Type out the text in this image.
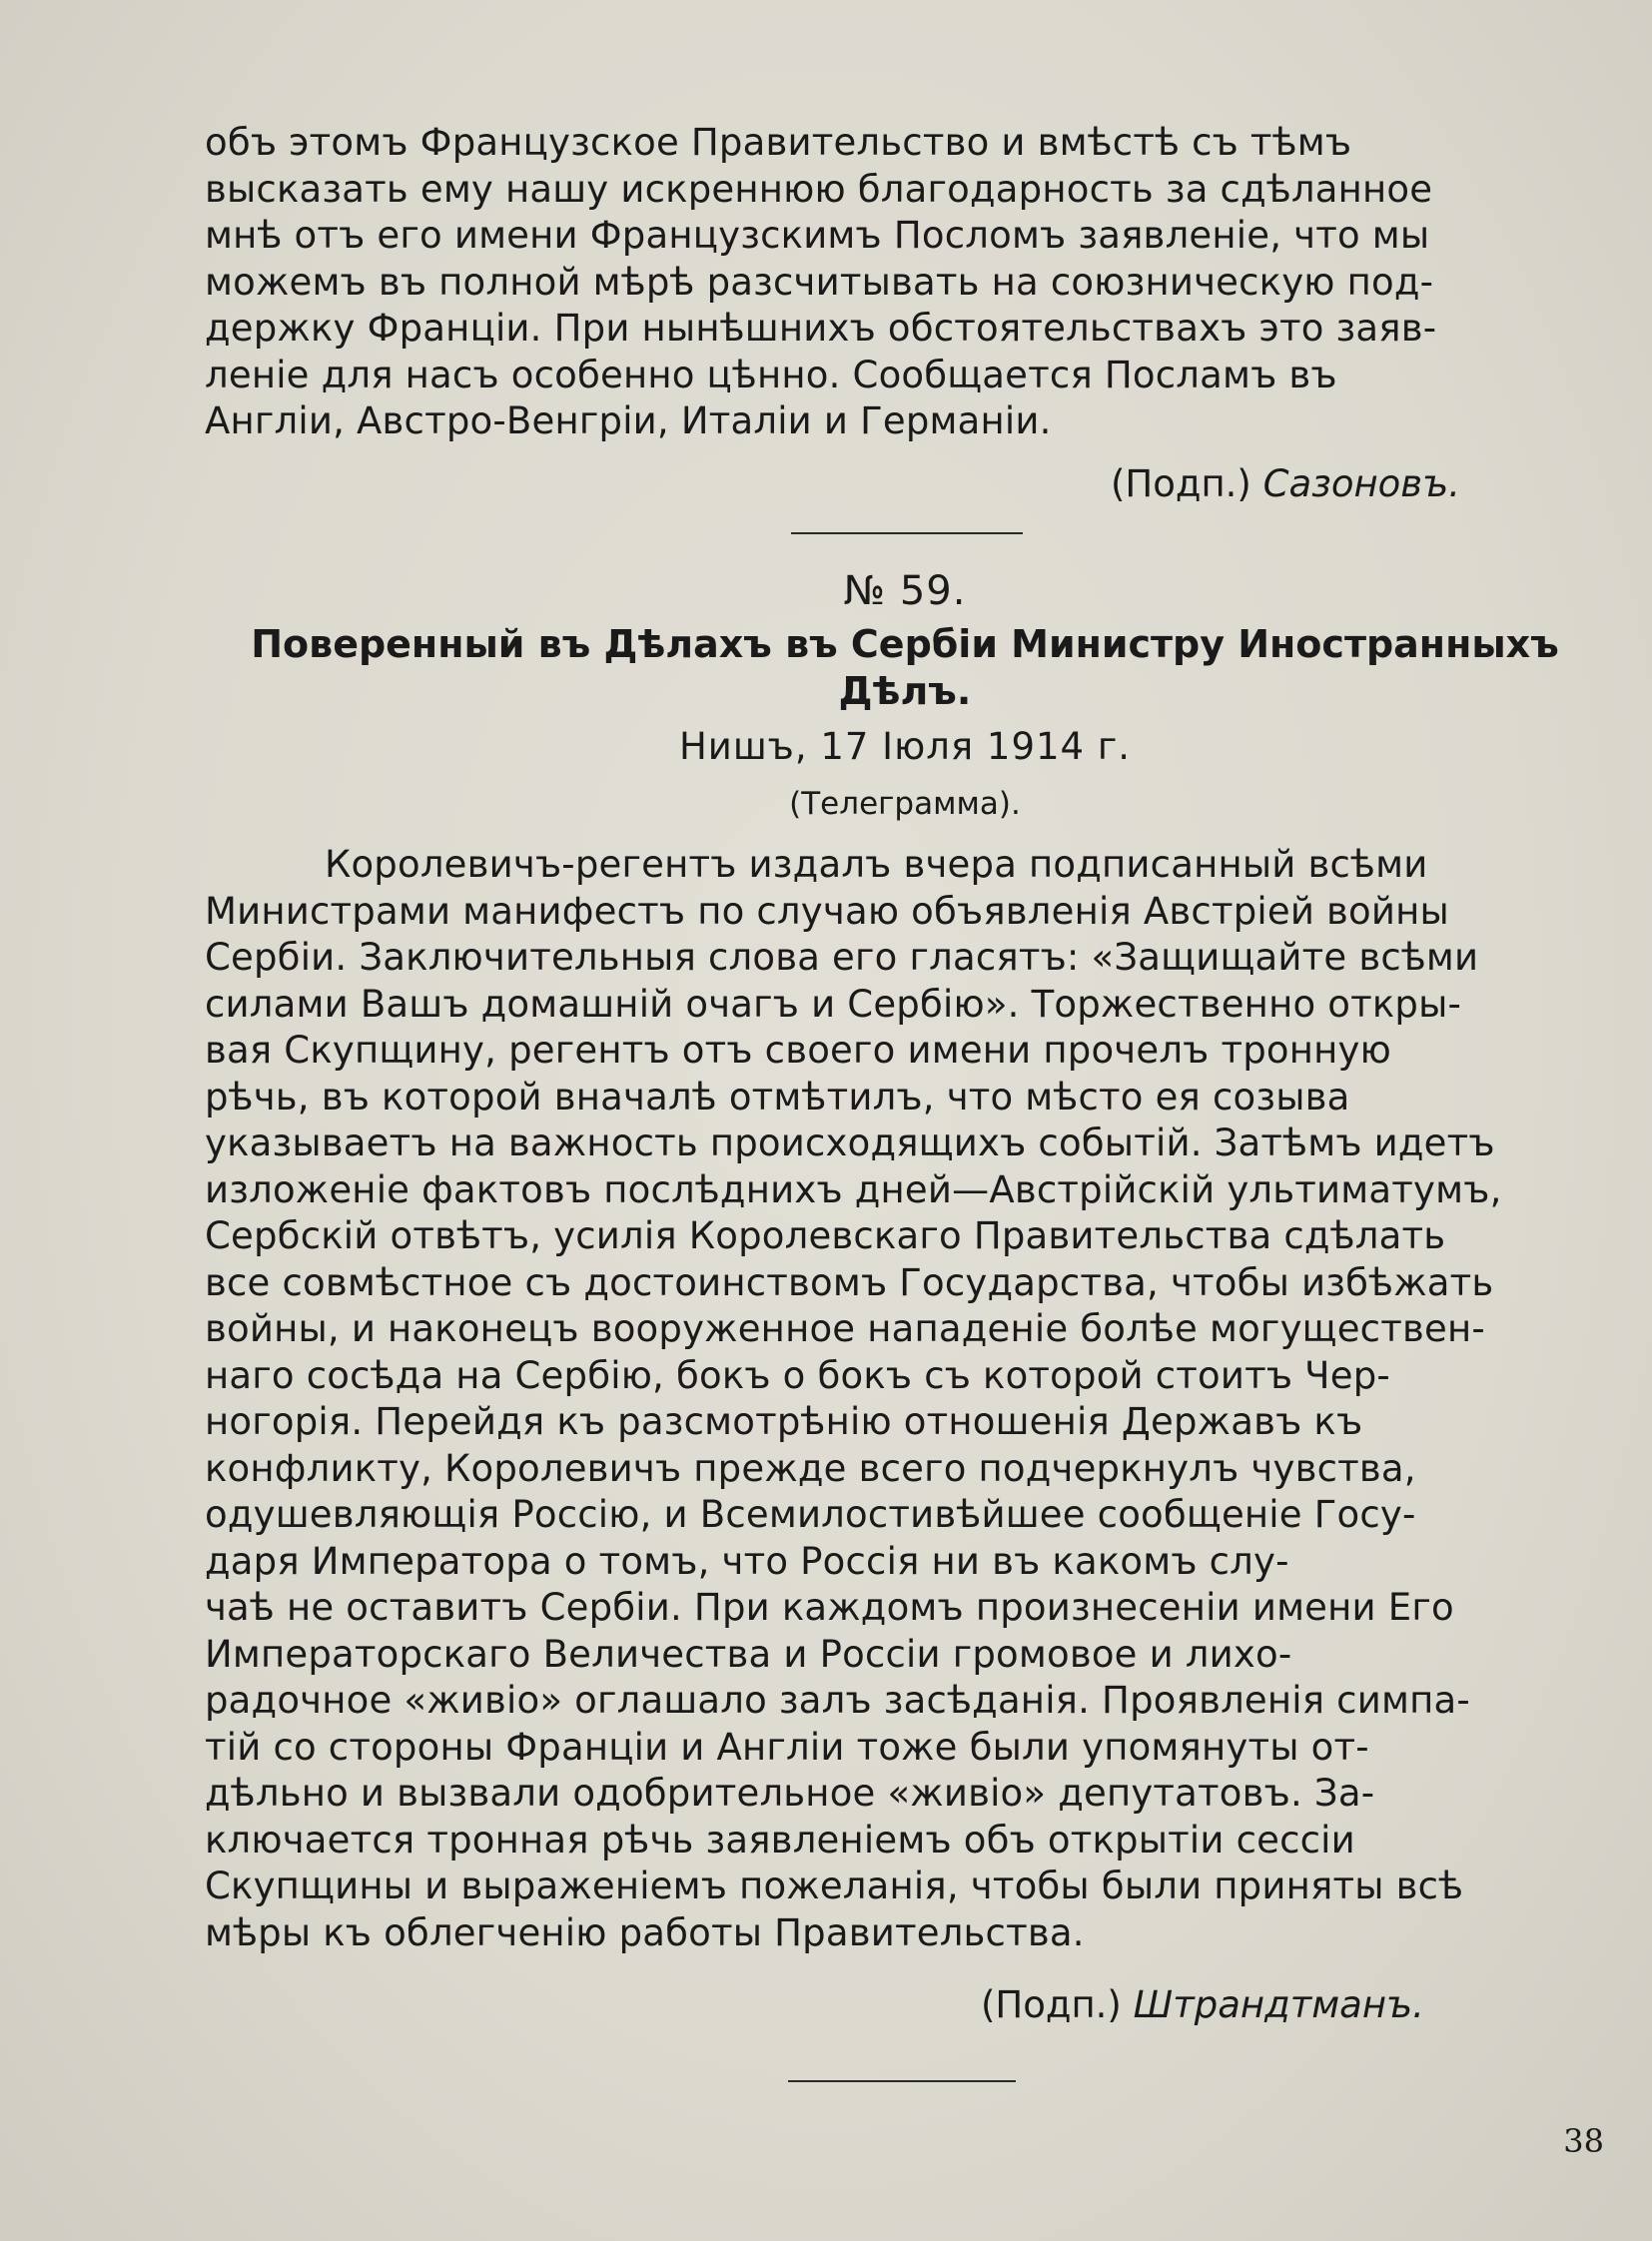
объ этомъ Французское Правительство и вмѣстѣ съ тѣмъ

высказать ему нашу искреннюю благодарность за сдѣланное

мнѣ отъ его имени Французскимъ Посломъ заявленіе, что мы

можемъ въ полной мѣрѣ разсчитывать на союзническую под-

держку Франціи. При нынѣшнихъ обстоятельствахъ это заяв-

леніе для насъ особенно цѣнно. Сообщается Посламъ въ

Англіи, Австро-Венгріи, Италіи и Германіи.

(Подп.) Сазоновъ.
№ 59.
Поверенный въ Дѣлахъ въ Сербіи Министру Иностранныхъ
Дѣлъ.
Нишъ, 17 Іюля 1914 г.
(Телеграмма).

Королевичъ-регентъ издалъ вчера подписанный всѣми

Министрами манифестъ по случаю объявленія Австріей войны

Сербіи. Заключительныя слова его гласятъ: «Защищайте всѣми

силами Вашъ домашній очагъ и Сербію». Торжественно откры-

вая Скупщину, регентъ отъ своего имени прочелъ тронную

рѣчь, въ которой вначалѣ отмѣтилъ, что мѣсто ея созыва

указываетъ на важность происходящихъ событій. Затѣмъ идетъ

изложеніе фактовъ послѣднихъ дней—Австрійскій ультиматумъ,

Сербскій отвѣтъ, усилія Королевскаго Правительства сдѣлать

все совмѣстное съ достоинствомъ Государства, чтобы избѣжать

войны, и наконецъ вооруженное нападеніе болѣе могуществен-

наго сосѣда на Сербію, бокъ о бокъ съ которой стоитъ Чер-

ногорія. Перейдя къ разсмотрѣнію отношенія Державъ къ

конфликту, Королевичъ прежде всего подчеркнулъ чувства,

одушевляющія Россію, и Всемилостивѣйшее сообщеніе Госу-

даря Императора о томъ, что Россія ни въ какомъ слу-

чаѣ не оставитъ Сербіи. При каждомъ произнесеніи имени Его

Императорскаго Величества и Россіи громовое и лихо-

радочное «живіо» оглашало залъ засѣданія. Проявленія симпа-

тій со стороны Франціи и Англіи тоже были упомянуты от-

дѣльно и вызвали одобрительное «живіо» депутатовъ. За-

ключается тронная рѣчь заявленіемъ объ открытіи сессіи

Скупщины и выраженіемъ пожеланія, чтобы были приняты всѣ

мѣры къ облегченію работы Правительства.

(Подп.) Штрандтманъ.
38
